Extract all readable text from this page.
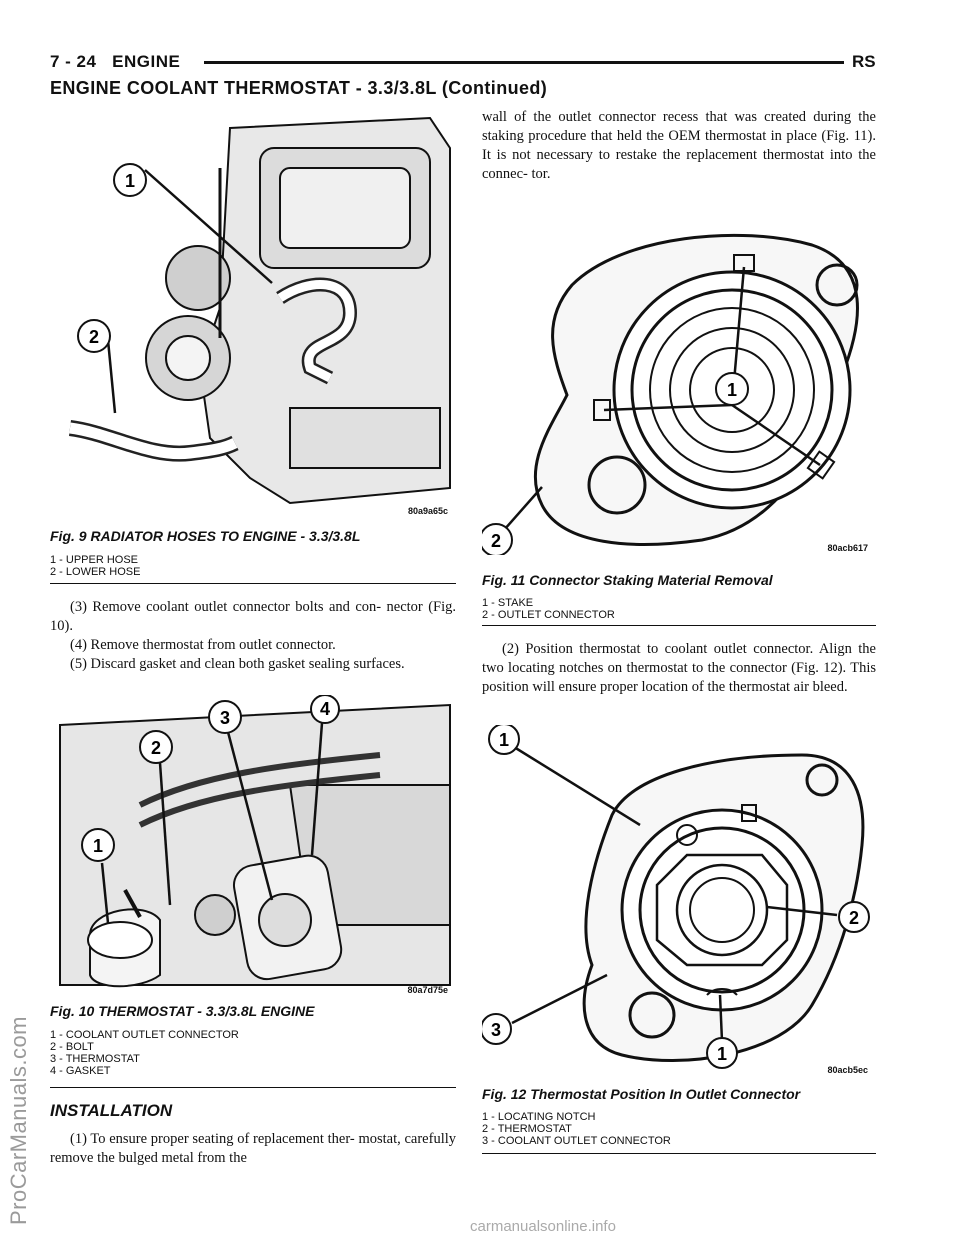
7 - 24 ENGINE	RS
ENGINE COOLANT THERMOSTAT - 3.3/3.8L (Continued)
1
2
80a9a65c
Fig. 9 RADIATOR HOSES TO ENGINE - 3.3/3.8L
1 - UPPER HOSE
2 - LOWER HOSE

(3) Remove coolant outlet connector bolts and con- nector (Fig. 10).

(4) Remove thermostat from outlet connector.

(5) Discard gasket and clean both gasket sealing surfaces.

1
2
3	4
80a7d75e
Fig. 10 THERMOSTAT - 3.3/3.8L ENGINE
1 - COOLANT OUTLET CONNECTOR
2 - BOLT
3 - THERMOSTAT
4 - GASKET
INSTALLATION

(1) To ensure proper seating of replacement ther- mostat, carefully remove the bulged metal from the

wall of the outlet connector recess that was created during the staking procedure that held the OEM thermostat in place (Fig. 11). It is not necessary to restake the replacement thermostat into the connec- tor.

1
2	80acb617
Fig. 11 Connector Staking Material Removal
1 - STAKE
2 - OUTLET CONNECTOR

(2) Position thermostat to coolant outlet connector. Align the two locating notches on thermostat to the connector (Fig. 12). This position will ensure proper location of the thermostat air bleed.

1
2
3
1
80acb5ec
Fig. 12 Thermostat Position In Outlet Connector
1 - LOCATING NOTCH
2 - THERMOSTAT
3 - COOLANT OUTLET CONNECTOR
ProCarManuals.com
carmanualsonline.info
